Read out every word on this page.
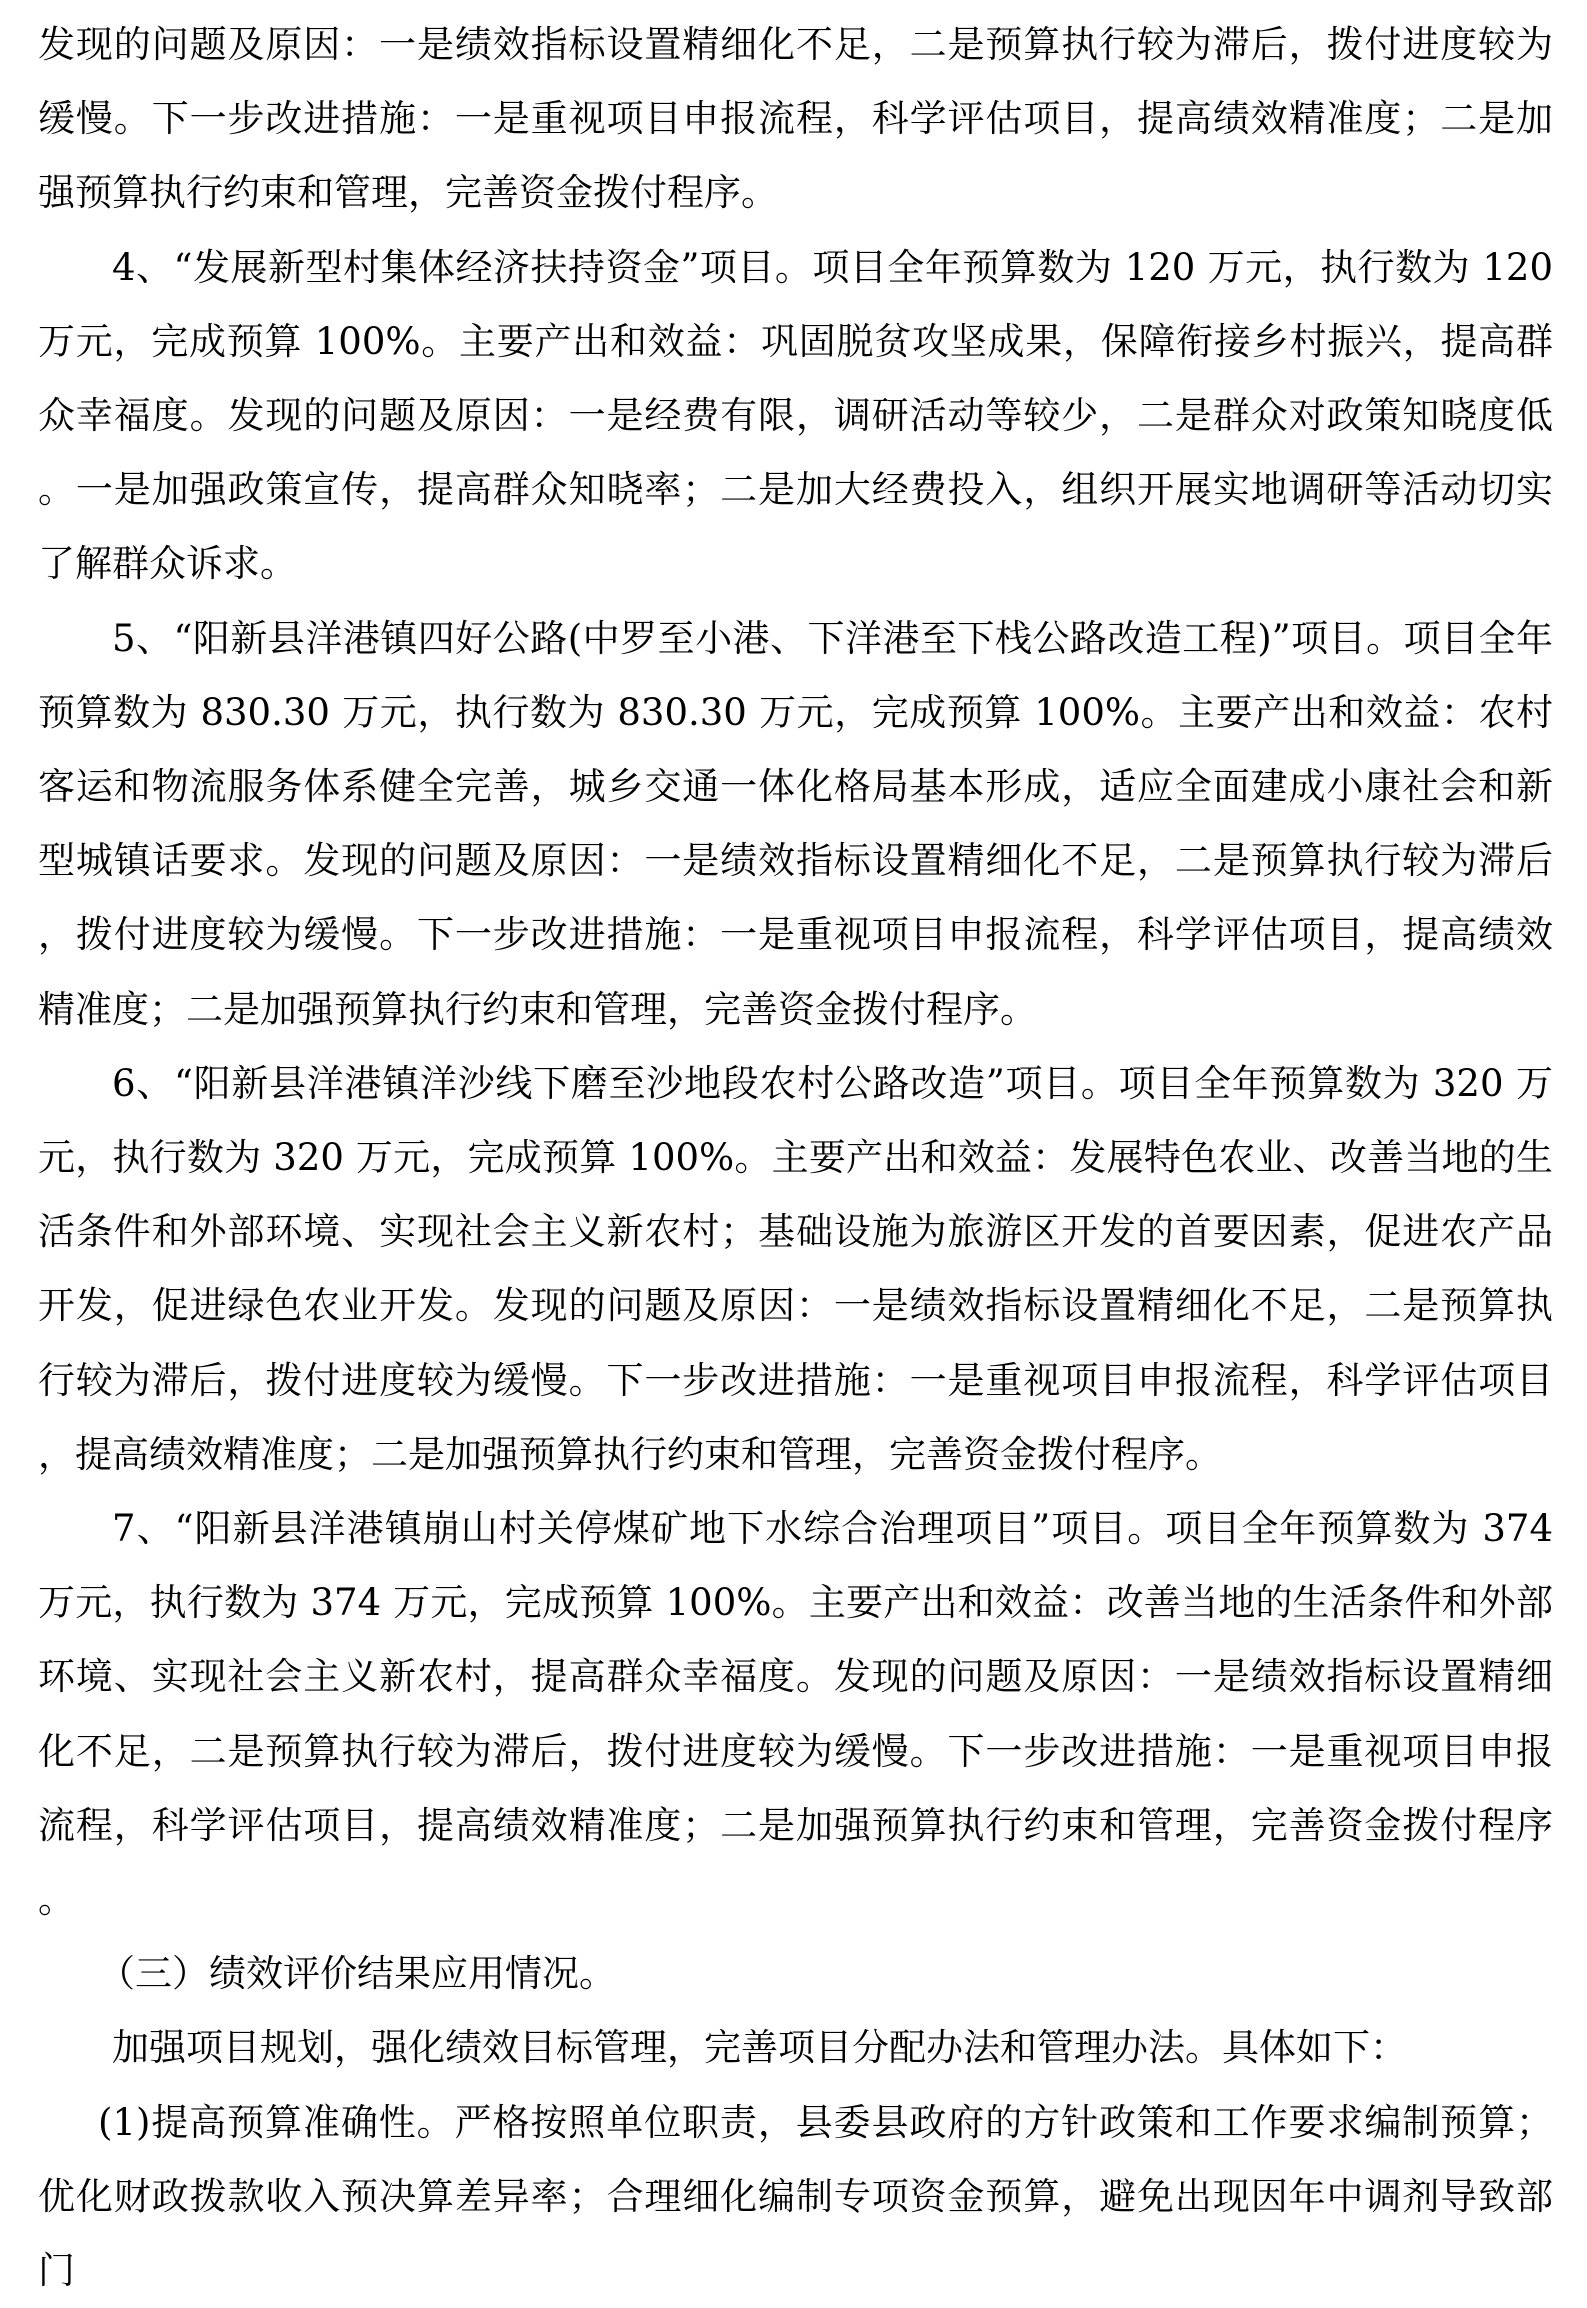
发现的问题及原因：一是绩效指标设置精细化不足，二是预算执行较为滞后，拨付进度较为缓慢。下一步改进措施：一是重视项目申报流程，科学评估项目，提高绩效精准度；二是加强预算执行约束和管理，完善资金拨付程序。

4、“发展新型村集体经济扶持资金”项目。项目全年预算数为 120 万元，执行数为 120 万元，完成预算 100%。主要产出和效益：巩固脱贫攻坚成果，保障衔接乡村振兴，提高群众幸福度。发现的问题及原因：一是经费有限，调研活动等较少，二是群众对政策知晓度低。一是加强政策宣传，提高群众知晓率；二是加大经费投入，组织开展实地调研等活动切实了解群众诉求。

5、“阳新县洋港镇四好公路(中罗至小港、下洋港至下栈公路改造工程)”项目。项目全年预算数为 830.30 万元，执行数为 830.30 万元，完成预算 100%。主要产出和效益：农村客运和物流服务体系健全完善，城乡交通一体化格局基本形成，适应全面建成小康社会和新型城镇话要求。发现的问题及原因：一是绩效指标设置精细化不足，二是预算执行较为滞后，拨付进度较为缓慢。下一步改进措施：一是重视项目申报流程，科学评估项目，提高绩效精准度；二是加强预算执行约束和管理，完善资金拨付程序。

6、“阳新县洋港镇洋沙线下磨至沙地段农村公路改造”项目。项目全年预算数为 320 万元，执行数为 320 万元，完成预算 100%。主要产出和效益：发展特色农业、改善当地的生活条件和外部环境、实现社会主义新农村；基础设施为旅游区开发的首要因素，促进农产品开发，促进绿色农业开发。发现的问题及原因：一是绩效指标设置精细化不足，二是预算执行较为滞后，拨付进度较为缓慢。下一步改进措施：一是重视项目申报流程，科学评估项目，提高绩效精准度；二是加强预算执行约束和管理，完善资金拨付程序。

7、“阳新县洋港镇崩山村关停煤矿地下水综合治理项目”项目。项目全年预算数为 374 万元，执行数为 374 万元，完成预算 100%。主要产出和效益：改善当地的生活条件和外部环境、实现社会主义新农村，提高群众幸福度。发现的问题及原因：一是绩效指标设置精细化不足，二是预算执行较为滞后，拨付进度较为缓慢。下一步改进措施：一是重视项目申报流程，科学评估项目，提高绩效精准度；二是加强预算执行约束和管理，完善资金拨付程序。

（三）绩效评价结果应用情况。

加强项目规划，强化绩效目标管理，完善项目分配办法和管理办法。具体如下：

(1)提高预算准确性。严格按照单位职责，县委县政府的方针政策和工作要求编制预算；优化财政拨款收入预决算差异率；合理细化编制专项资金预算，避免出现因年中调剂导致部门
